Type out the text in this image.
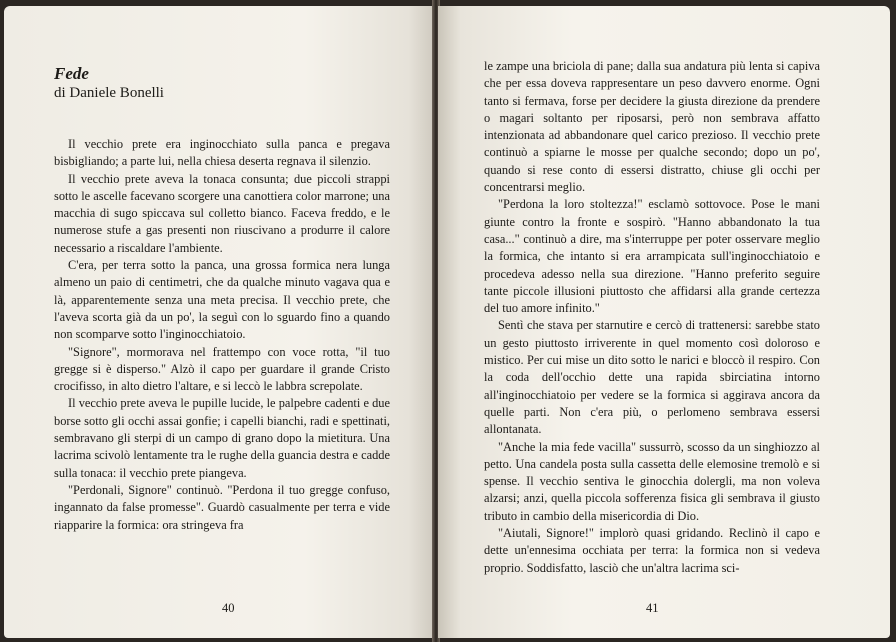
Fede
di Daniele Bonelli

Il vecchio prete era inginocchiato sulla panca e pregava bisbigliando; a parte lui, nella chiesa deserta regnava il silenzio.

Il vecchio prete aveva la tonaca consunta; due piccoli strappi sotto le ascelle facevano scorgere una canottiera color marrone; una macchia di sugo spiccava sul colletto bianco. Faceva freddo, e le numerose stufe a gas presenti non riuscivano a produrre il calore necessario a riscaldare l'ambiente.

C'era, per terra sotto la panca, una grossa formica nera lunga almeno un paio di centimetri, che da qualche minuto vagava qua e là, apparentemente senza una meta precisa. Il vecchio prete, che l'aveva scorta già da un po', la seguì con lo sguardo fino a quando non scomparve sotto l'inginocchiatoio.

"Signore", mormorava nel frattempo con voce rotta, "il tuo gregge si è disperso." Alzò il capo per guardare il grande Cristo crocifisso, in alto dietro l'altare, e si leccò le labbra screpolate.

Il vecchio prete aveva le pupille lucide, le palpebre cadenti e due borse sotto gli occhi assai gonfie; i capelli bianchi, radi e spettinati, sembravano gli sterpi di un campo di grano dopo la mietitura. Una lacrima scivolò lentamente tra le rughe della guancia destra e cadde sulla tonaca: il vecchio prete piangeva.

"Perdonali, Signore" continuò. "Perdona il tuo gregge confuso, ingannato da false promesse". Guardò casualmente per terra e vide riapparire la formica: ora stringeva fra

40

le zampe una briciola di pane; dalla sua andatura più lenta si capiva che per essa doveva rappresentare un peso davvero enorme. Ogni tanto si fermava, forse per decidere la giusta direzione da prendere o magari soltanto per riposarsi, però non sembrava affatto intenzionata ad abbandonare quel carico prezioso. Il vecchio prete continuò a spiarne le mosse per qualche secondo; dopo un po', quando si rese conto di essersi distratto, chiuse gli occhi per concentrarsi meglio.

"Perdona la loro stoltezza!" esclamò sottovoce. Pose le mani giunte contro la fronte e sospirò. "Hanno abbandonato la tua casa..." continuò a dire, ma s'interruppe per poter osservare meglio la formica, che intanto si era arrampicata sull'inginocchiatoio e procedeva adesso nella sua direzione. "Hanno preferito seguire tante piccole illusioni piuttosto che affidarsi alla grande certezza del tuo amore infinito."

Sentì che stava per starnutire e cercò di trattenersi: sarebbe stato un gesto piuttosto irriverente in quel momento così doloroso e mistico. Per cui mise un dito sotto le narici e bloccò il respiro. Con la coda dell'occhio dette una rapida sbirciatina intorno all'inginocchiatoio per vedere se la formica si aggirava ancora da quelle parti. Non c'era più, o perlomeno sembrava essersi allontanata.

"Anche la mia fede vacilla" sussurrò, scosso da un singhiozzo al petto. Una candela posta sulla cassetta delle elemosine tremolò e si spense. Il vecchio sentiva le ginocchia dolergli, ma non voleva alzarsi; anzi, quella piccola sofferenza fisica gli sembrava il giusto tributo in cambio della misericordia di Dio.

"Aiutali, Signore!" implorò quasi gridando. Reclinò il capo e dette un'ennesima occhiata per terra: la formica non si vedeva proprio. Soddisfatto, lasciò che un'altra lacrima sci-

41
